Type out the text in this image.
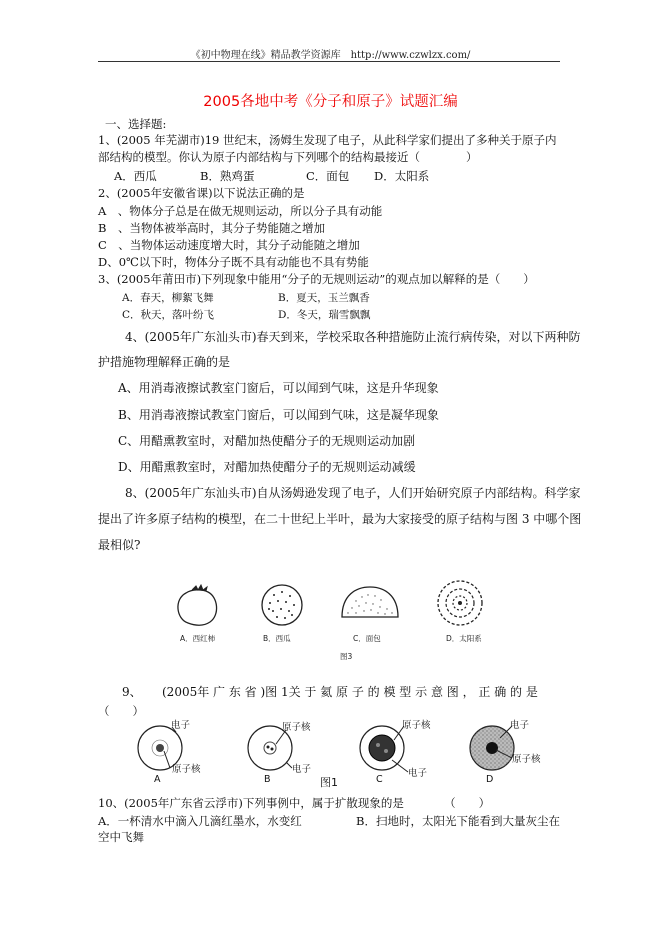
《初中物理在线》精品教学资源库　http://www.czwlzx.com/
2005各地中考《分子和原子》试题汇编
一、选择题:
1、(2005 年芜湖市)19 世纪末，汤姆生发现了电子，从此科学家们提出了多种关于原子内
部结构的模型。你认为原子内部结构与下列哪个的结构最接近（　　　　）
A．西瓜	B．熟鸡蛋	C．面包 D．太阳系
2、(2005年安徽省课)以下说法正确的是
A　、物体分子总是在做无规则运动，所以分子具有动能
B　、当物体被举高时，其分子势能随之增加
C　、当物体运动速度增大时，其分子动能随之增加
D、0℃以下时，物体分子既不具有动能也不具有势能
3、(2005年莆田市)下列现象中能用“分子的无规则运动”的观点加以解释的是（　　）
A．春天，柳絮飞舞	B．夏天，玉兰飘香
C．秋天，落叶纷飞	D．冬天，瑞雪飘飘
4、(2005年广东汕头市)春天到来，学校采取各种措施防止流行病传染，对以下两种防
护措施物理解释正确的是
A、用消毒液擦试教室门窗后，可以闻到气味，这是升华现象
B、用消毒液擦试教室门窗后，可以闻到气味，这是凝华现象
C、用醋熏教室时，对醋加热使醋分子的无规则运动加剧
D、用醋熏教室时，对醋加热使醋分子的无规则运动减缓
8、(2005年广东汕头市)自从汤姆逊发现了电子，人们开始研究原子内部结构。科学家
提出了许多原子结构的模型，在二十世纪上半叶，最为大家接受的原子结构与图 3 中哪个图
最相似?
A．西红柿	B．西瓜	C．面包	D．太阳系
图3
9、 (2005年 广 东 省 )图 1关 于 氦 原 子 的 模 型 示 意 图 ， 正 确 的 是
（　　）
电子
原子核
A
原子核
电子
B
原子核
电子
C
电子
原子核
D
图1
10、(2005年广东省云浮市)下列事例中，属于扩散现象的是　　　　（　　）
A．一杯清水中滴入几滴红墨水，水变红	B．扫地时，太阳光下能看到大量灰尘在
空中飞舞
